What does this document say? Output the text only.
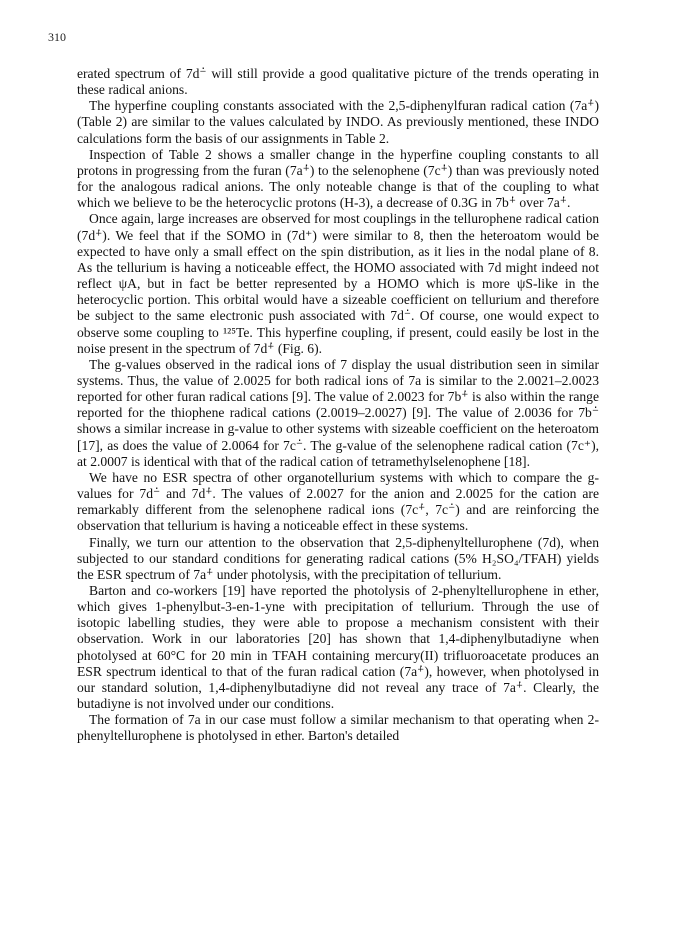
310

erated spectrum of 7d⁻̇ will still provide a good qualitative picture of the trends operating in these radical anions.

The hyperfine coupling constants associated with the 2,5-diphenylfuran radical cation (7a⁺̇) (Table 2) are similar to the values calculated by INDO. As previously mentioned, these INDO calculations form the basis of our assignments in Table 2.

Inspection of Table 2 shows a smaller change in the hyperfine coupling constants to all protons in progressing from the furan (7a⁺̇) to the selenophene (7c⁺̇) than was previously noted for the analogous radical anions. The only noteable change is that of the coupling to what which we believe to be the heterocyclic protons (H-3), a decrease of 0.3G in 7b⁺̇ over 7a⁺̇.

Once again, large increases are observed for most couplings in the tellurophene radical cation (7d⁺̇). We feel that if the SOMO in (7d⁺) were similar to 8, then the heteroatom would be expected to have only a small effect on the spin distribution, as it lies in the nodal plane of 8. As the tellurium is having a noticeable effect, the HOMO associated with 7d might indeed not reflect ψA, but in fact be better represented by a HOMO which is more ψS-like in the heterocyclic portion. This orbital would have a sizeable coefficient on tellurium and therefore be subject to the same electronic push associated with 7d⁻̇. Of course, one would expect to observe some coupling to ¹²⁵Te. This hyperfine coupling, if present, could easily be lost in the noise present in the spectrum of 7d⁺̇ (Fig. 6).

The g-values observed in the radical ions of 7 display the usual distribution seen in similar systems. Thus, the value of 2.0025 for both radical ions of 7a is similar to the 2.0021–2.0023 reported for other furan radical cations [9]. The value of 2.0023 for 7b⁺̇ is also within the range reported for the thiophene radical cations (2.0019–2.0027) [9]. The value of 2.0036 for 7b⁻̇ shows a similar increase in g-value to other systems with sizeable coefficient on the heteroatom [17], as does the value of 2.0064 for 7c⁻̇. The g-value of the selenophene radical cation (7c⁺), at 2.0007 is identical with that of the radical cation of tetramethylselenophene [18].

We have no ESR spectra of other organotellurium systems with which to compare the g-values for 7d⁻̇ and 7d⁺̇. The values of 2.0027 for the anion and 2.0025 for the cation are remarkably different from the selenophene radical ions (7c⁺̇, 7c⁻̇) and are reinforcing the observation that tellurium is having a noticeable effect in these systems.

Finally, we turn our attention to the observation that 2,5-diphenyltellurophene (7d), when subjected to our standard conditions for generating radical cations (5% H₂SO₄/TFAH) yields the ESR spectrum of 7a⁺̇ under photolysis, with the precipitation of tellurium.

Barton and co-workers [19] have reported the photolysis of 2-phenyltellurophene in ether, which gives 1-phenylbut-3-en-1-yne with precipitation of tellurium. Through the use of isotopic labelling studies, they were able to propose a mechanism consistent with their observation. Work in our laboratories [20] has shown that 1,4-diphenylbutadiyne when photolysed at 60°C for 20 min in TFAH containing mercury(II) trifluoroacetate produces an ESR spectrum identical to that of the furan radical cation (7a⁺̇), however, when photolysed in our standard solution, 1,4-diphenylbutadiyne did not reveal any trace of 7a⁺̇. Clearly, the butadiyne is not involved under our conditions.

The formation of 7a in our case must follow a similar mechanism to that operating when 2-phenyltellurophene is photolysed in ether. Barton's detailed
